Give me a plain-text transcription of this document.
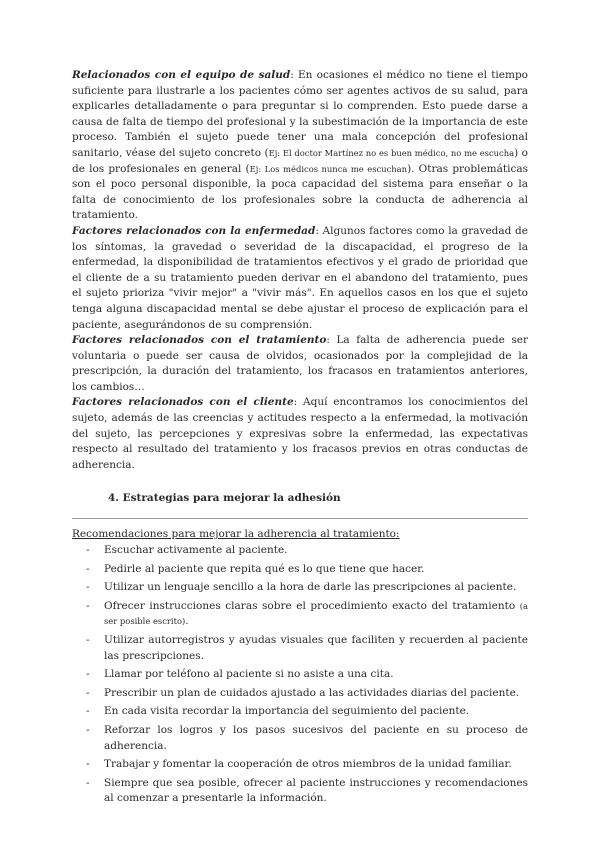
Relacionados con el equipo de salud: En ocasiones el médico no tiene el tiempo suficiente para ilustrarle a los pacientes cómo ser agentes activos de su salud, para explicarles detalladamente o para preguntar si lo comprenden. Esto puede darse a causa de falta de tiempo del profesional y la subestimación de la importancia de este proceso. También el sujeto puede tener una mala concepción del profesional sanitario, véase del sujeto concreto (Ej: El doctor Martínez no es buen médico, no me escucha) o de los profesionales en general (Ej: Los médicos nunca me escuchan). Otras problemáticas son el poco personal disponible, la poca capacidad del sistema para enseñar o la falta de conocimiento de los profesionales sobre la conducta de adherencia al tratamiento.

Factores relacionados con la enfermedad: Algunos factores como la gravedad de los síntomas, la gravedad o severidad de la discapacidad, el progreso de la enfermedad, la disponibilidad de tratamientos efectivos y el grado de prioridad que el cliente de a su tratamiento pueden derivar en el abandono del tratamiento, pues el sujeto prioriza "vivir mejor" a "vivir más". En aquellos casos en los que el sujeto tenga alguna discapacidad mental se debe ajustar el proceso de explicación para el paciente, asegurándonos de su comprensión.

Factores relacionados con el tratamiento: La falta de adherencia puede ser voluntaria o puede ser causa de olvidos, ocasionados por la complejidad de la prescripción, la duración del tratamiento, los fracasos en tratamientos anteriores, los cambios…

Factores relacionados con el cliente: Aquí encontramos los conocimientos del sujeto, además de las creencias y actitudes respecto a la enfermedad, la motivación del sujeto, las percepciones y expresivas sobre la enfermedad, las expectativas respecto al resultado del tratamiento y los fracasos previos en otras conductas de adherencia.

4. Estrategias para mejorar la adhesión

Recomendaciones para mejorar la adherencia al tratamiento:

- Escuchar activamente al paciente.
- Pedirle al paciente que repita qué es lo que tiene que hacer.
- Utilizar un lenguaje sencillo a la hora de darle las prescripciones al paciente.
- Ofrecer instrucciones claras sobre el procedimiento exacto del tratamiento (a ser posible escrito).
- Utilizar autorregistros y ayudas visuales que faciliten y recuerden al paciente las prescripciones.
- Llamar por teléfono al paciente si no asiste a una cita.
- Prescribir un plan de cuidados ajustado a las actividades diarias del paciente.
- En cada visita recordar la importancia del seguimiento del paciente.
- Reforzar los logros y los pasos sucesivos del paciente en su proceso de adherencia.
- Trabajar y fomentar la cooperación de otros miembros de la unidad familiar.
- Siempre que sea posible, ofrecer al paciente instrucciones y recomendaciones al comenzar a presentarle la información.
